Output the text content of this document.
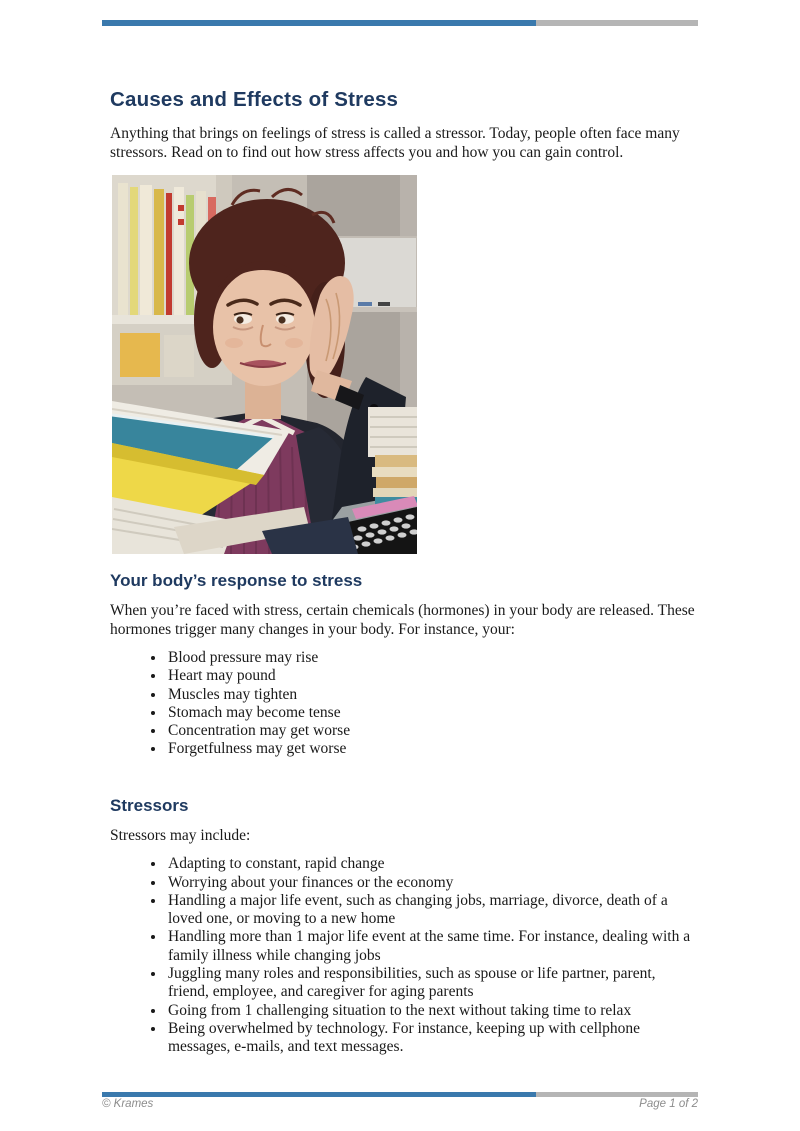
Causes and Effects of Stress

Anything that brings on feelings of stress is called a stressor. Today, people often face many stressors. Read on to find out how stress affects you and how you can gain control.

Your body’s response to stress

When you’re faced with stress, certain chemicals (hormones) in your body are released. These hormones trigger many changes in your body. For instance, your:

• Blood pressure may rise
• Heart may pound
• Muscles may tighten
• Stomach may become tense
• Concentration may get worse
• Forgetfulness may get worse
Stressors

Stressors may include:

• Adapting to constant, rapid change
• Worrying about your finances or the economy
• Handling a major life event, such as changing jobs, marriage, divorce, death of a loved one, or moving to a new home
• Handling more than 1 major life event at the same time. For instance, dealing with a family illness while changing jobs
• Juggling many roles and responsibilities, such as spouse or life partner, parent, friend, employee, and caregiver for aging parents
• Going from 1 challenging situation to the next without taking time to relax
• Being overwhelmed by technology. For instance, keeping up with cellphone messages, e-mails, and text messages.
© Krames	Page 1 of 2
